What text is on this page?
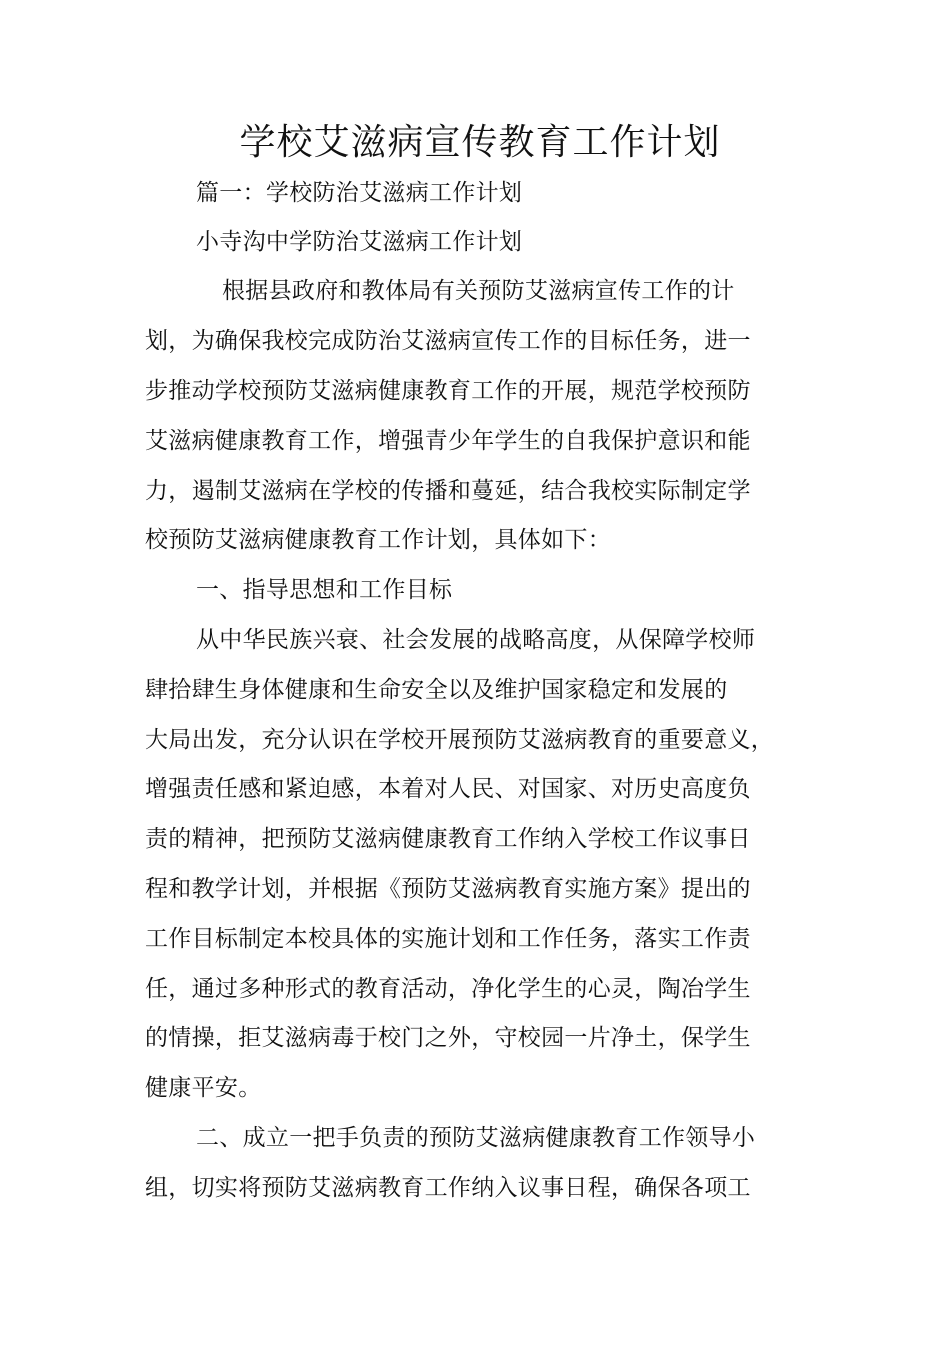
学校艾滋病宣传教育工作计划
篇一：学校防治艾滋病工作计划
小寺沟中学防治艾滋病工作计划
根据县政府和教体局有关预防艾滋病宣传工作的计
划，为确保我校完成防治艾滋病宣传工作的目标任务，进一
步推动学校预防艾滋病健康教育工作的开展，规范学校预防
艾滋病健康教育工作，增强青少年学生的自我保护意识和能
力，遏制艾滋病在学校的传播和蔓延，结合我校实际制定学
校预防艾滋病健康教育工作计划，具体如下：
一、指导思想和工作目标
从中华民族兴衰、社会发展的战略高度，从保障学校师
肆拾肆生身体健康和生命安全以及维护国家稳定和发展的
大局出发，充分认识在学校开展预防艾滋病教育的重要意义，
增强责任感和紧迫感，本着对人民、对国家、对历史高度负
责的精神，把预防艾滋病健康教育工作纳入学校工作议事日
程和教学计划，并根据《预防艾滋病教育实施方案》提出的
工作目标制定本校具体的实施计划和工作任务，落实工作责
任，通过多种形式的教育活动，净化学生的心灵，陶冶学生
的情操，拒艾滋病毒于校门之外，守校园一片净土，保学生
健康平安。
二、成立一把手负责的预防艾滋病健康教育工作领导小
组，切实将预防艾滋病教育工作纳入议事日程，确保各项工
